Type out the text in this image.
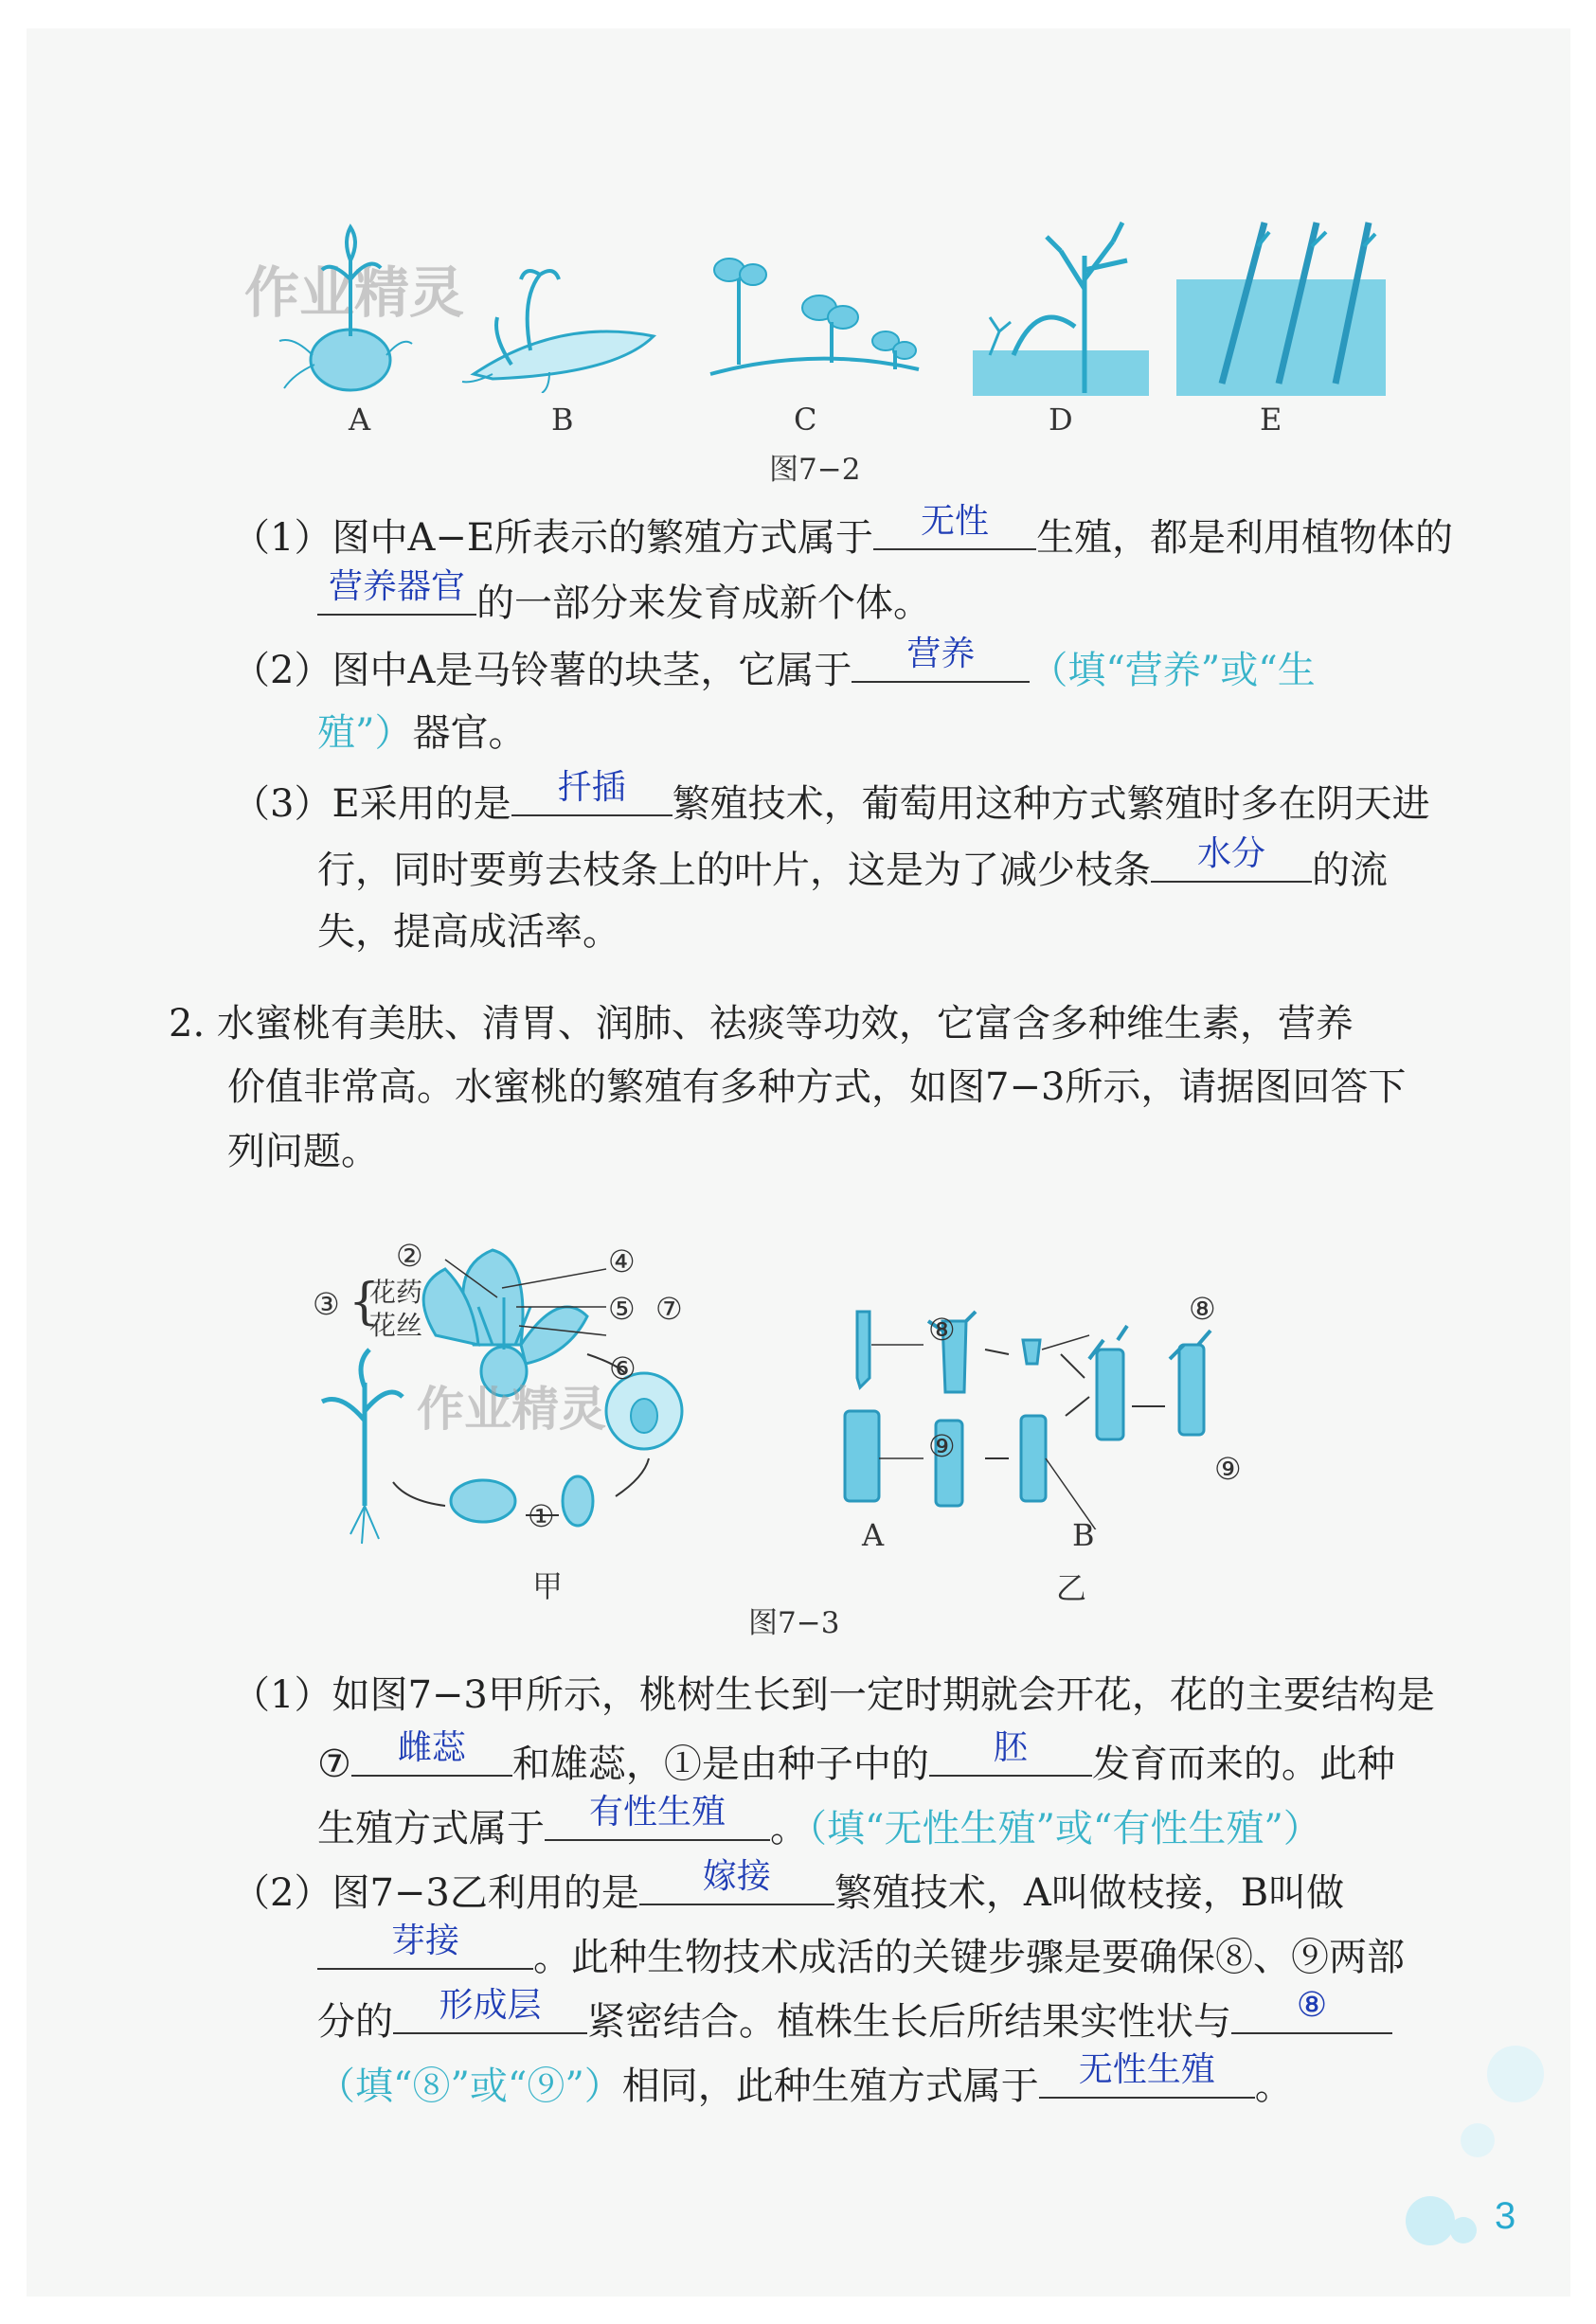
作业精灵
A	B	C	D	E
图7−2
（1）图中A−E所表示的繁殖方式属于	无性	生殖，都是利用植物体的
营养器官 的一部分来发育成新个体。
（2）图中A是马铃薯的块茎，它属于	营养	（填“营养”或“生
殖”）器官。
（3）E采用的是	扦插	繁殖技术，葡萄用这种方式繁殖时多在阴天进
行，同时要剪去枝条上的叶片，这是为了减少枝条	水分	的流
失，提高成活率。
2. 水蜜桃有美肤、清胃、润肺、祛痰等功效，它富含多种维生素，营养
价值非常高。水蜜桃的繁殖有多种方式，如图7−3所示，请据图回答下
列问题。
作业精灵
②
③ {
花药
花丝
④
⑤ ⑦
⑥
①
甲
⑧
⑨
⑧
⑨
A	B
乙
图7−3
（1）如图7−3甲所示，桃树生长到一定时期就会开花，花的主要结构是
⑦	雌蕊	和雄蕊，①是由种子中的	胚	发育而来的。此种
生殖方式属于	有性生殖	。（填“无性生殖”或“有性生殖”）
（2）图7−3乙利用的是	嫁接	繁殖技术，A叫做枝接，B叫做
芽接	。此种生物技术成活的关键步骤是要确保⑧、⑨两部
分的	形成层	紧密结合。植株生长后所结果实性状与	⑧
（填“⑧”或“⑨”）相同，此种生殖方式属于	无性生殖	。
3
